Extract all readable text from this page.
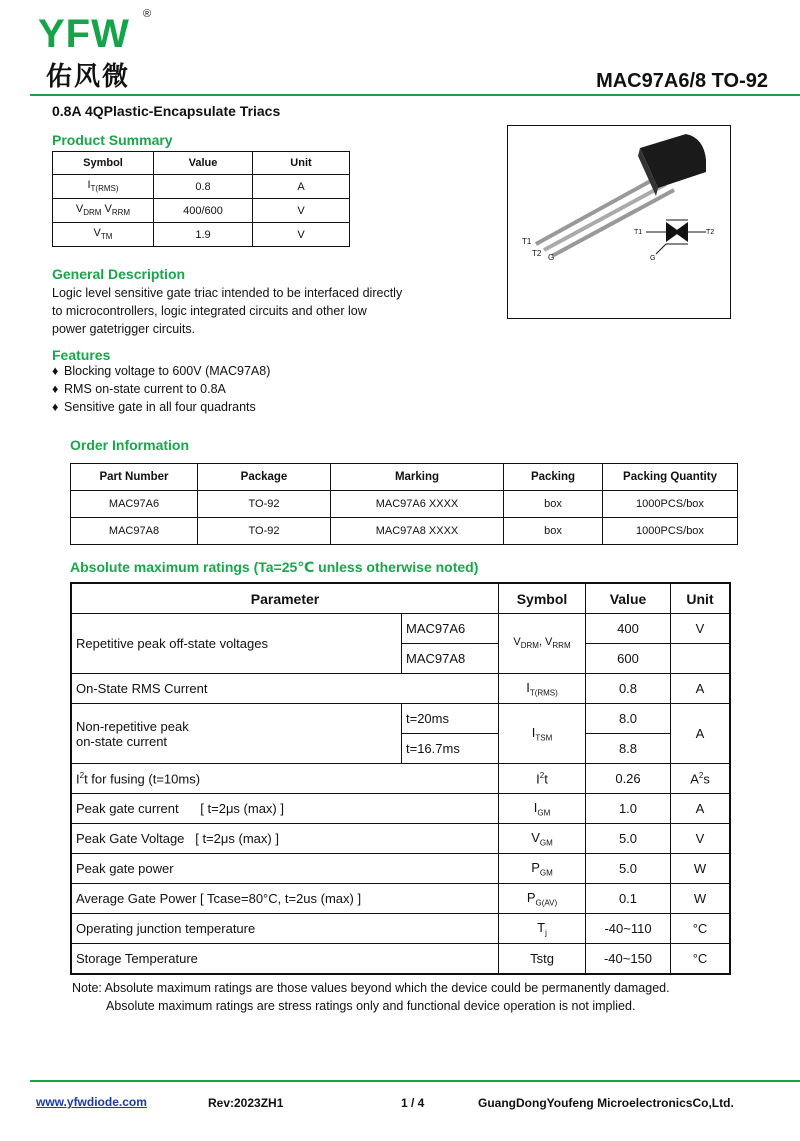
YFW ®
佑风微	MAC97A6/8 TO-92
0.8A 4QPlastic-Encapsulate Triacs
Product Summary
Symbol	Value	Unit
$I_{T(RMS)}$	0.8	A
$V_{DRM}$ $V_{RRM}$	400/600	V
$V_{TM}$	1.9	V
T1
T2 G
T1	T2
G
General Description
Logic level sensitive gate triac intended to be interfaced directly
to microcontrollers, logic integrated circuits and other low
power gatetrigger circuits.
Features
♦ Blocking voltage to 600V (MAC97A8)
♦ RMS on-state current to 0.8A
♦ Sensitive gate in all four quadrants
Order Information
Part Number	Package	Marking	Packing	Packing Quantity
MAC97A6	TO-92	MAC97A6 XXXX	box	1000PCS/box
MAC97A8	TO-92	MAC97A8 XXXX	box	1000PCS/box
Absolute maximum ratings (Ta=25℃ unless otherwise noted)
Parameter		Symbol	Value	Unit
Repetitive peak off-state voltages	MAC97A6	$V_{DRM}$, $V_{RRM}$	400	V
	MAC97A8		600	
On-State RMS Current		$I_{T(RMS)}$	0.8	A

Non-repetitive peak
on-state current	t=20ms	$I_{TSM}$	8.0	A
	t=16.7ms		8.8	
$I^2t$ for fusing (t=10ms)		$I^2t$	0.26	$A^2s$
Peak gate current      [ t=2μs (max) ]		$I_{GM}$	1.0	A
Peak Gate Voltage   [ t=2μs (max) ]		$V_{GM}$	5.0	V
Peak gate power		$P_{GM}$	5.0	W
Average Gate Power [ Tcase=80°C, t=2us (max) ]		$P_{G(AV)}$	0.1	W
Operating junction temperature		$T_j$	-40~110	°C
Storage Temperature		Tstg	-40~150	°C
Note: Absolute maximum ratings are those values beyond which the device could be permanently damaged.
Absolute maximum ratings are stress ratings only and functional device operation is not implied.
www.yfwdiode.com	Rev:2023ZH1	1 / 4	GuangDongYoufeng MicroelectronicsCo,Ltd.
